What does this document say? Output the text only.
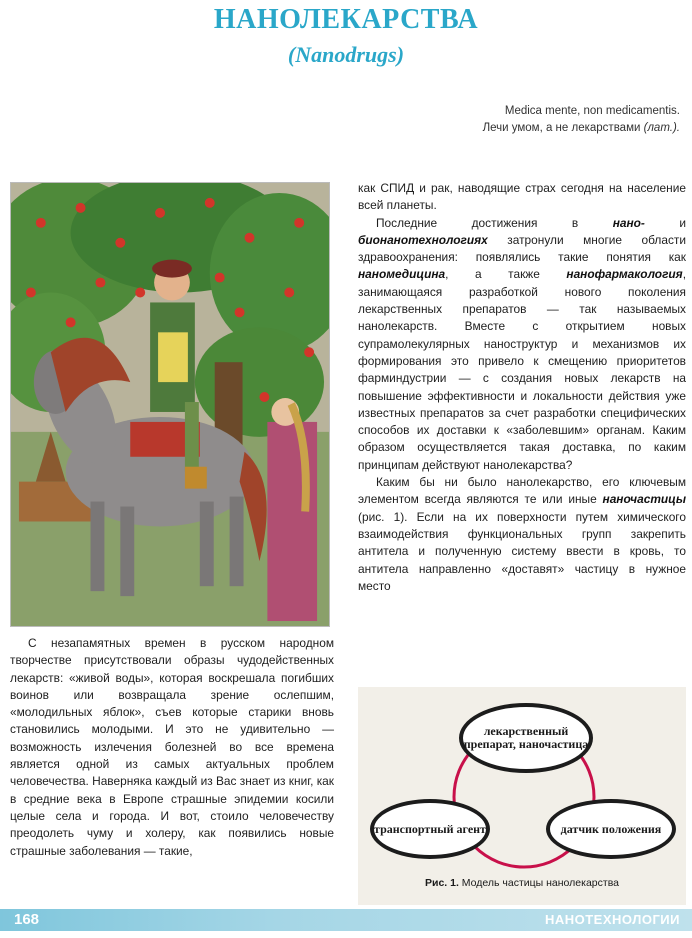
НАНОЛЕКАРСТВА
(Nanodrugs)
Medica mente, non medicamentis.
Лечи умом, а не лекарствами (лат.).

С незапамятных времен в русском народном творчестве присутствовали образы чудодейственных лекарств: «живой воды», которая воскрешала погибших воинов или возвращала зрение ослепшим, «молодильных яблок», съев которые старики вновь становились молодыми. И это не удивительно — возможность излечения болезней во все времена является одной из самых актуальных проблем человечества. Наверняка каждый из Вас знает из книг, как в средние века в Европе страшные эпидемии косили целые села и города. И вот, стоило человечеству преодолеть чуму и холеру, как появились новые страшные заболевания — такие,

как СПИД и рак, наводящие страх сегодня на население всей планеты.

Последние достижения в нано- и бионанотехнологиях затронули многие области здравоохранения: появлялись такие понятия как наномедицина, а также нанофармакология, занимающаяся разработкой нового поколения лекарственных препаратов — так называемых нанолекарств. Вместе с открытием новых супрамолекулярных наноструктур и механизмов их формирования это привело к смещению приоритетов фарминдустрии — с создания новых лекарств на повышение эффективности и локальности действия уже известных препаратов за счет разработки специфических способов их доставки к «заболевшим» органам. Каким образом осуществляется такая доставка, по каким принципам действуют нанолекарства?

Каким бы ни было нанолекарство, его ключевым элементом всегда являются те или иные наночастицы (рис. 1). Если на их поверхности путем химического взаимодействия функциональных групп закрепить антитела и полученную систему ввести в кровь, то антитела направленно «доставят» частицу в нужное место

лекарственный препарат, наночастица
транспортный агент	датчик положения
Рис. 1. Модель частицы нанолекарства
168	НАНОТЕХНОЛОГИИ
